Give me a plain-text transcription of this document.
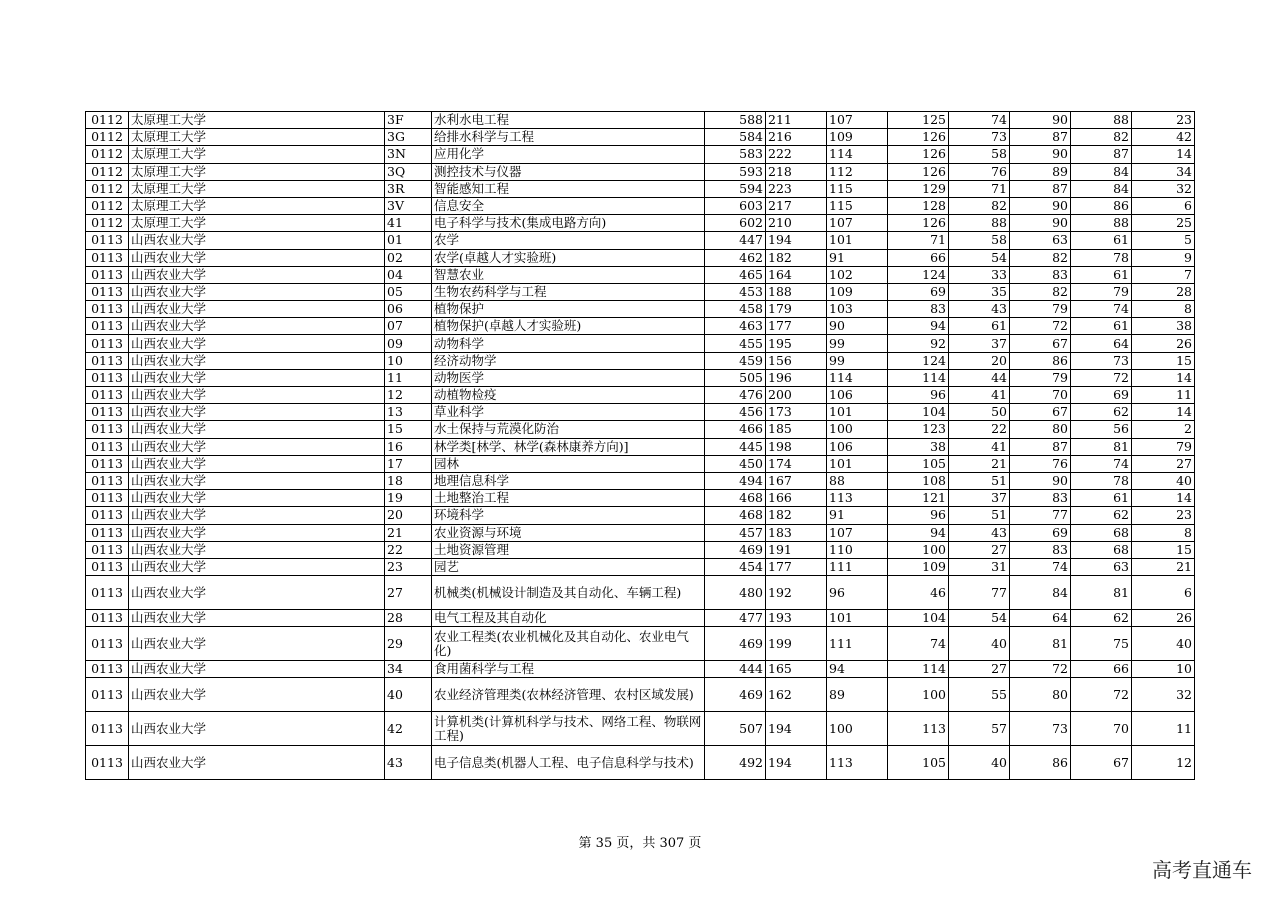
0112	太原理工大学	3F	水利水电工程	588	211	107	125	74	90	88	23
0112	太原理工大学	3G	给排水科学与工程	584	216	109	126	73	87	82	42
0112	太原理工大学	3N	应用化学	583	222	114	126	58	90	87	14
0112	太原理工大学	3Q	测控技术与仪器	593	218	112	126	76	89	84	34
0112	太原理工大学	3R	智能感知工程	594	223	115	129	71	87	84	32
0112	太原理工大学	3V	信息安全	603	217	115	128	82	90	86	6
0112	太原理工大学	41	电子科学与技术(集成电路方向)	602	210	107	126	88	90	88	25
0113	山西农业大学	01	农学	447	194	101	71	58	63	61	5
0113	山西农业大学	02	农学(卓越人才实验班)	462	182	91	66	54	82	78	9
0113	山西农业大学	04	智慧农业	465	164	102	124	33	83	61	7
0113	山西农业大学	05	生物农药科学与工程	453	188	109	69	35	82	79	28
0113	山西农业大学	06	植物保护	458	179	103	83	43	79	74	8
0113	山西农业大学	07	植物保护(卓越人才实验班)	463	177	90	94	61	72	61	38
0113	山西农业大学	09	动物科学	455	195	99	92	37	67	64	26
0113	山西农业大学	10	经济动物学	459	156	99	124	20	86	73	15
0113	山西农业大学	11	动物医学	505	196	114	114	44	79	72	14
0113	山西农业大学	12	动植物检疫	476	200	106	96	41	70	69	11
0113	山西农业大学	13	草业科学	456	173	101	104	50	67	62	14
0113	山西农业大学	15	水土保持与荒漠化防治	466	185	100	123	22	80	56	2
0113	山西农业大学	16	林学类[林学、林学(森林康养方向)]	445	198	106	38	41	87	81	79
0113	山西农业大学	17	园林	450	174	101	105	21	76	74	27
0113	山西农业大学	18	地理信息科学	494	167	88	108	51	90	78	40
0113	山西农业大学	19	土地整治工程	468	166	113	121	37	83	61	14
0113	山西农业大学	20	环境科学	468	182	91	96	51	77	62	23
0113	山西农业大学	21	农业资源与环境	457	183	107	94	43	69	68	8
0113	山西农业大学	22	土地资源管理	469	191	110	100	27	83	68	15
0113	山西农业大学	23	园艺	454	177	111	109	31	74	63	21
0113	山西农业大学	27	机械类(机械设计制造及其自动化、车辆工程)	480	192	96	46	77	84	81	6
0113	山西农业大学	28	电气工程及其自动化	477	193	101	104	54	64	62	26
0113	山西农业大学	29	农业工程类(农业机械化及其自动化、农业电气化)	469	199	111	74	40	81	75	40
0113	山西农业大学	34	食用菌科学与工程	444	165	94	114	27	72	66	10
0113	山西农业大学	40	农业经济管理类(农林经济管理、农村区域发展)	469	162	89	100	55	80	72	32
0113	山西农业大学	42	计算机类(计算机科学与技术、网络工程、物联网工程)	507	194	100	113	57	73	70	11
0113	山西农业大学	43	电子信息类(机器人工程、电子信息科学与技术)	492	194	113	105	40	86	67	12
第 35 页，共 307 页
高考直通车
